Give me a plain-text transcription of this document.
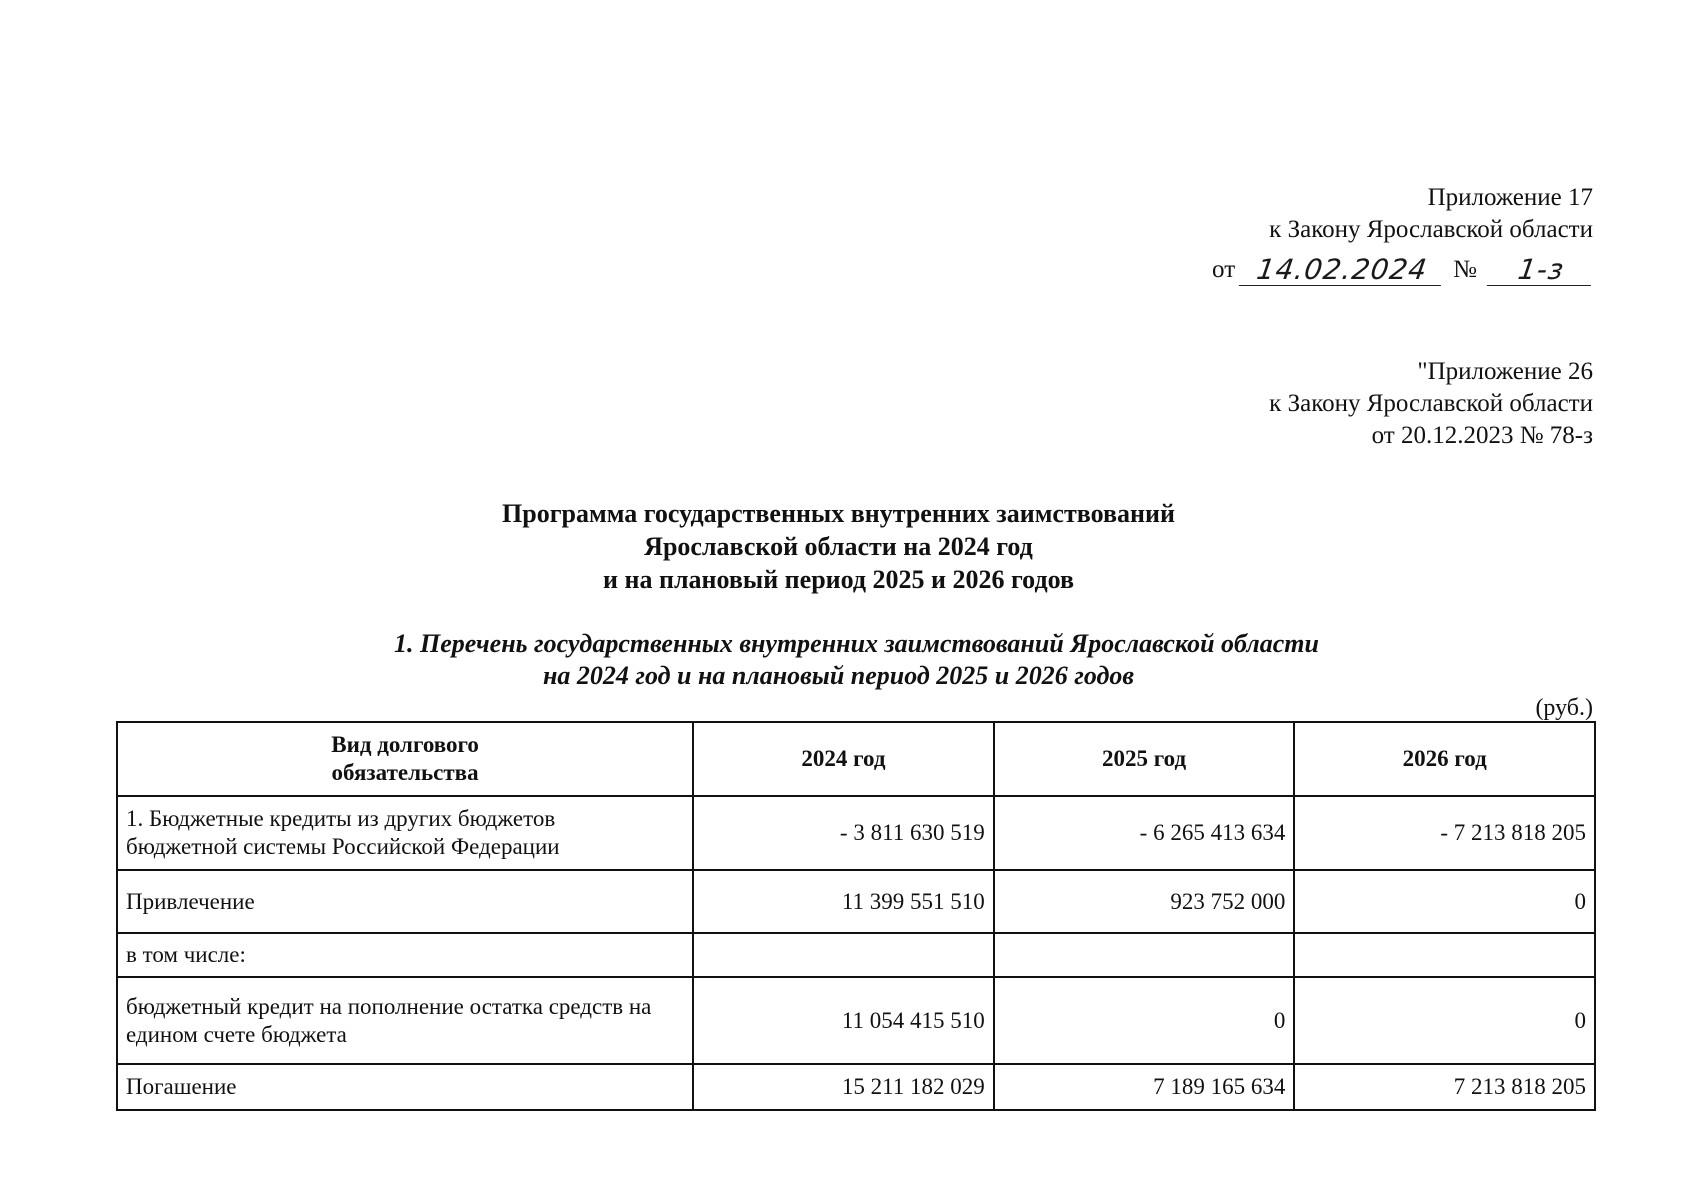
Приложение 17
к Закону Ярославской области
от 14.02.2024 №	1-з
"Приложение 26
к Закону Ярославской области
от 20.12.2023 № 78-з
Программа государственных внутренних заимствований
Ярославской области на 2024 год
и на плановый период 2025 и 2026 годов
1. Перечень государственных внутренних заимствований Ярославской области
на 2024 год и на плановый период 2025 и 2026 годов
(руб.)
Вид долгового
обязательства	2024 год	2025 год	2026 год

1. Бюджетные кредиты из других бюджетов
бюджетной системы Российской Федерации	- 3 811 630 519	- 6 265 413 634	- 7 213 818 205
Привлечение	11 399 551 510	923 752 000	0
в том числе:			

бюджетный кредит на пополнение остатка средств на
едином счете бюджета	11 054 415 510	0	0
Погашение	15 211 182 029	7 189 165 634	7 213 818 205
